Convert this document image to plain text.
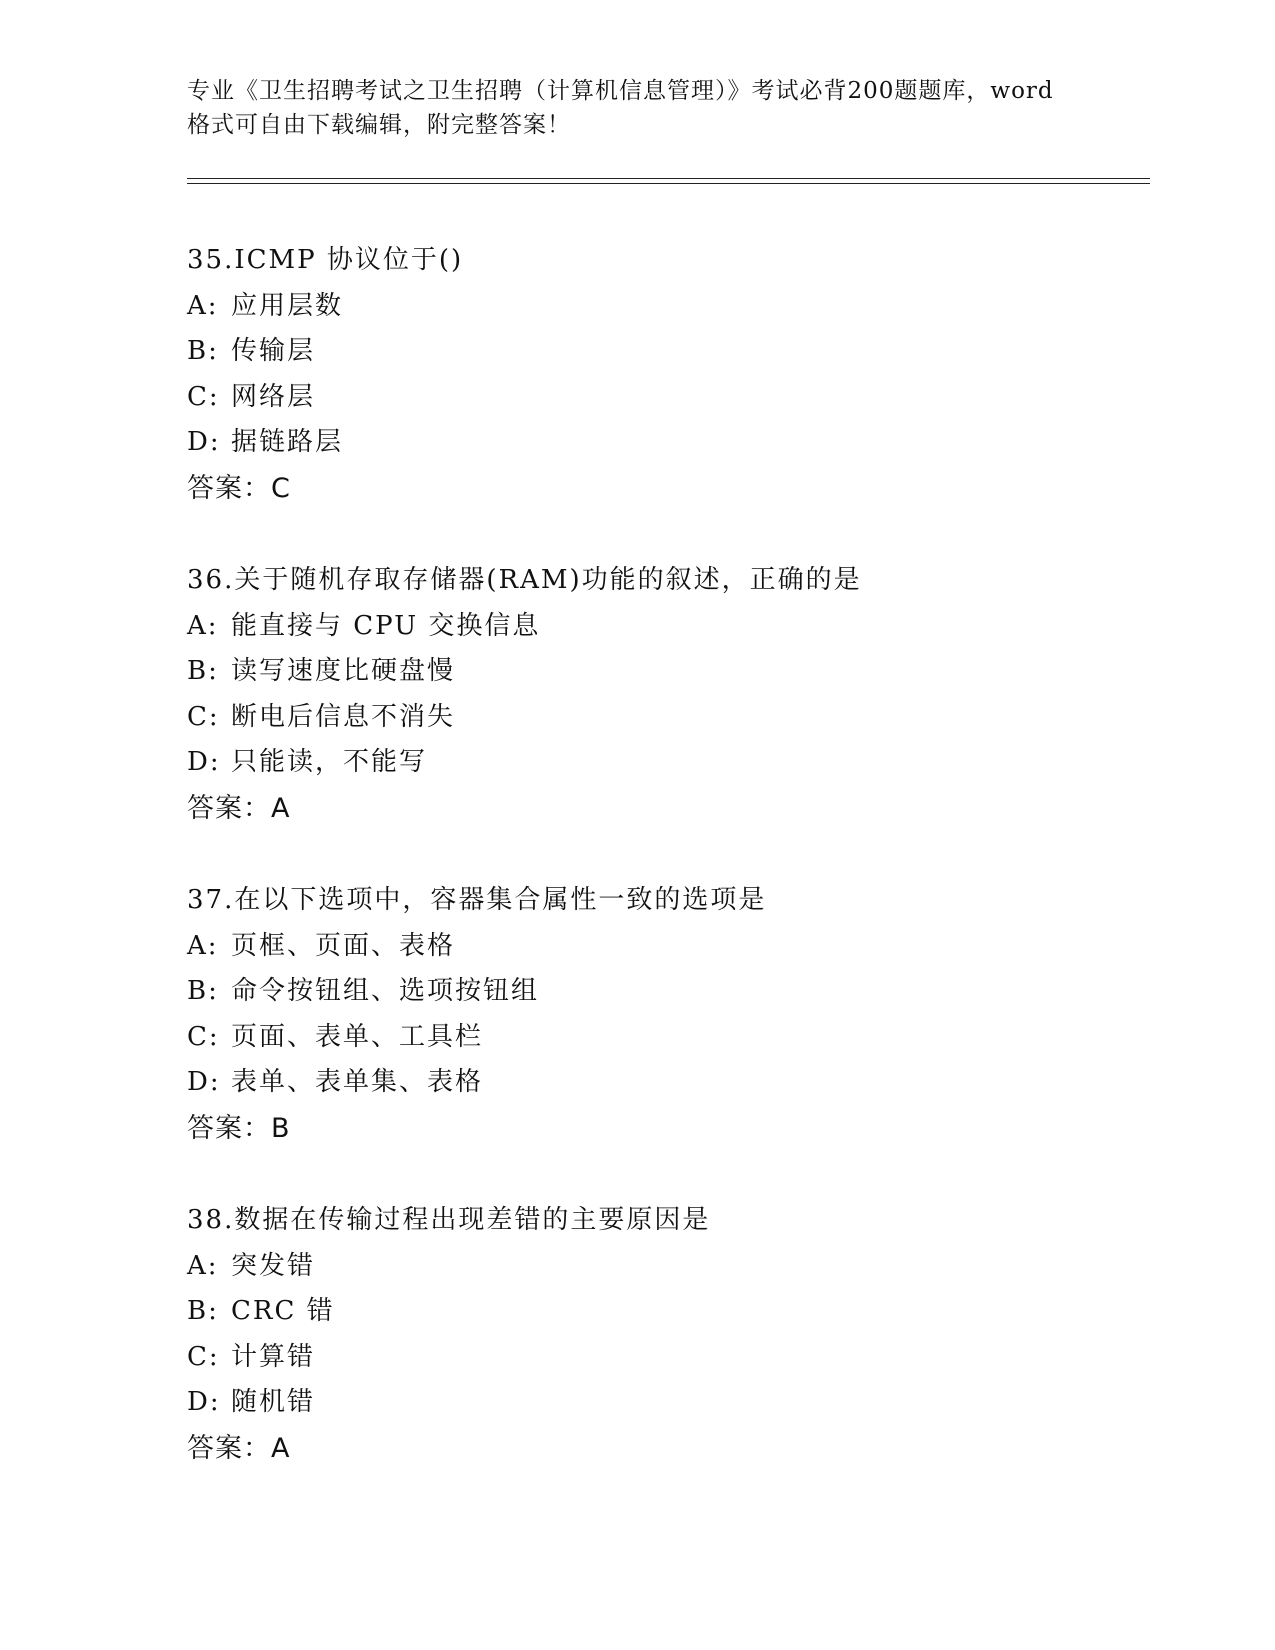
专业《卫生招聘考试之卫生招聘（计算机信息管理）》考试必背200题题库，word

格式可自由下载编辑，附完整答案！

35.ICMP 协议位于()
A: 应用层数
B: 传输层
C: 网络层
D: 据链路层
答案：C
36.关于随机存取存储器(RAM)功能的叙述，正确的是
A: 能直接与 CPU 交换信息
B: 读写速度比硬盘慢
C: 断电后信息不消失
D: 只能读，不能写
答案：A
37.在以下选项中，容器集合属性一致的选项是
A: 页框、页面、表格
B: 命令按钮组、选项按钮组
C: 页面、表单、工具栏
D: 表单、表单集、表格
答案：B
38.数据在传输过程出现差错的主要原因是
A: 突发错
B: CRC 错
C: 计算错
D: 随机错
答案：A
